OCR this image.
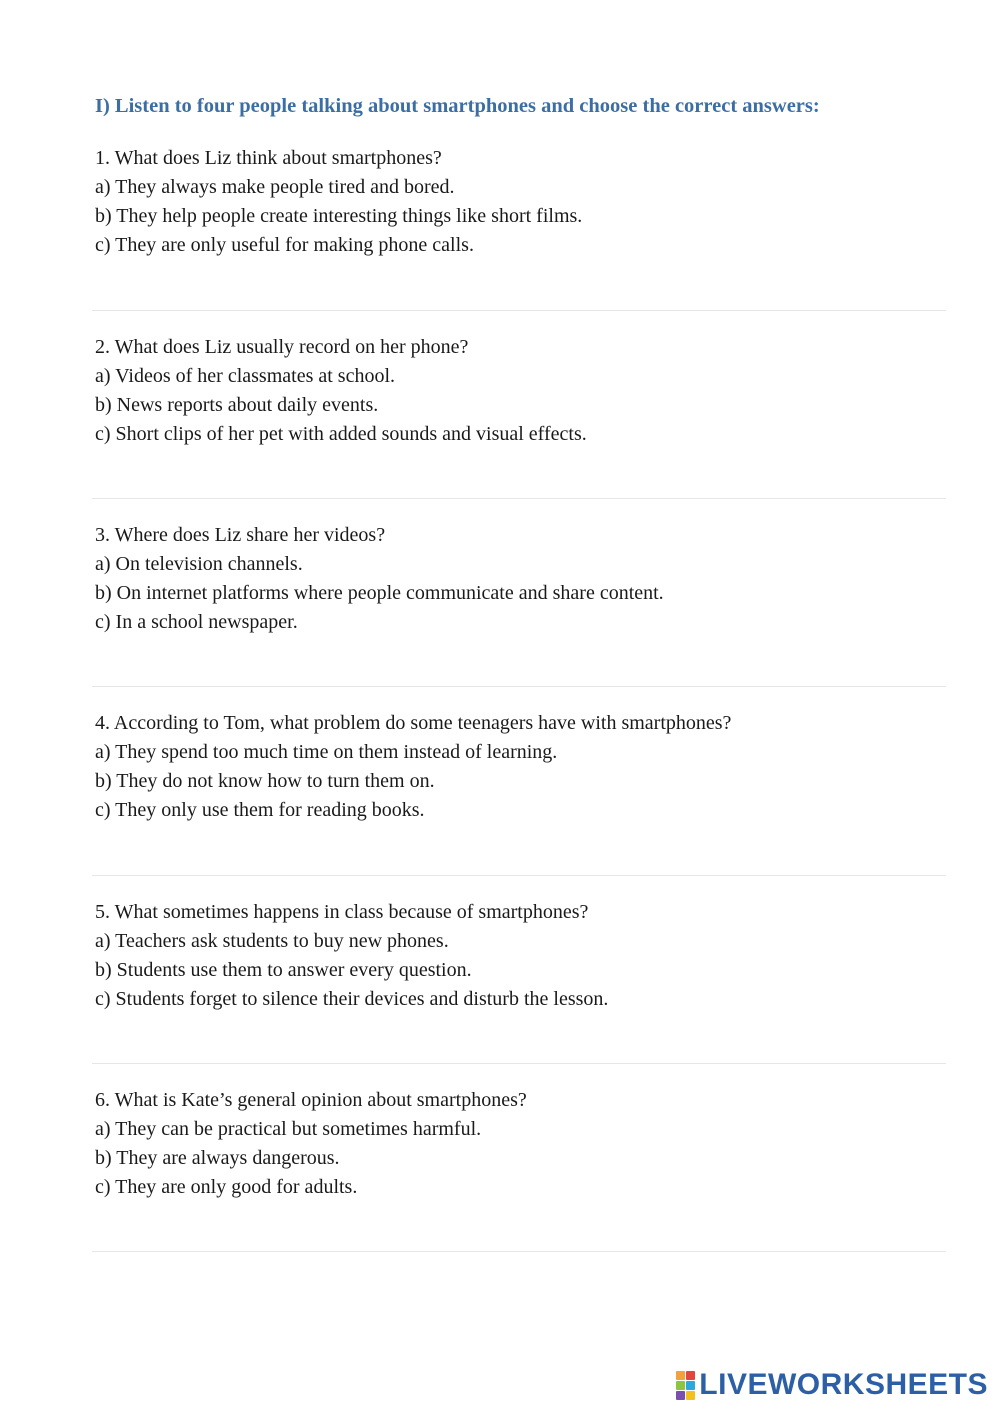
I) Listen to four people talking about smartphones and choose the correct answers:

1. What does Liz think about smartphones?

a) They always make people tired and bored.

b) They help people create interesting things like short films.

c) They are only useful for making phone calls.

2. What does Liz usually record on her phone?

a) Videos of her classmates at school.

b) News reports about daily events.

c) Short clips of her pet with added sounds and visual effects.

3. Where does Liz share her videos?

a) On television channels.

b) On internet platforms where people communicate and share content.

c) In a school newspaper.

4. According to Tom, what problem do some teenagers have with smartphones?

a) They spend too much time on them instead of learning.

b) They do not know how to turn them on.

c) They only use them for reading books.

5. What sometimes happens in class because of smartphones?

a) Teachers ask students to buy new phones.

b) Students use them to answer every question.

c) Students forget to silence their devices and disturb the lesson.

6. What is Kate’s general opinion about smartphones?

a) They can be practical but sometimes harmful.

b) They are always dangerous.

c) They are only good for adults.

LIVEWORKSHEETS
